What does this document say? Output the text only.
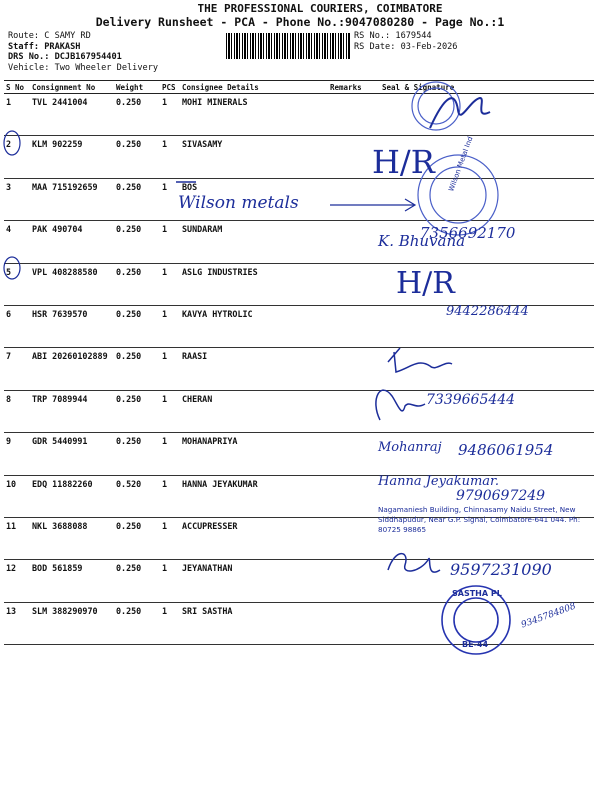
THE PROFESSIONAL COURIERS, COIMBATORE
Delivery Runsheet - PCA - Phone No.:9047080280 - Page No.:1
Route: C SAMY RD
Staff: PRAKASH
DRS No.: DCJB167954401
Vehicle: Two Wheeler Delivery
RS No.: 1679544
RS Date: 03-Feb-2026
S No	Consignment No	Weight	PCS	Consignee Details	Remarks	Seal & Signature
1	TVL 2441004	0.250	1	MOHI MINERALS		
2	KLM 902259	0.250	1	SIVASAMY		
3	MAA 715192659	0.250	1	BOS		
4	PAK 490704	0.250	1	SUNDARAM		
5	VPL 408288580	0.250	1	ASLG INDUSTRIES		
6	HSR 7639570	0.250	1	KAVYA HYTROLIC		
7	ABI 20260102889	0.250	1	RAASI		
8	TRP 7089944	0.250	1	CHERAN		
9	GDR 5440991	0.250	1	MOHANAPRIYA		
10	EDQ 11882260	0.520	1	HANNA JEYAKUMAR		
11	NKL 3688088	0.250	1	ACCUPRESSER		
12	BOD 561859	0.250	1	JEYANATHAN		
13	SLM 388290970	0.250	1	SRI SASTHA		
Wilson metals
H/R
7356692170
K. Bhuvana
H/R
9442286444
7339665444
Mohanraj 9486061954
Hanna Jeyakumar.
9790697249
9597231090
9345784808
Wilson Metal Ind
Nagamaniesh Building, Chinnasamy Naidu Street, New Siddhapudur, Near G.P. Signal, Coimbatore-641 044. Ph: 80725 98865
SASTHA PL
BE-44
